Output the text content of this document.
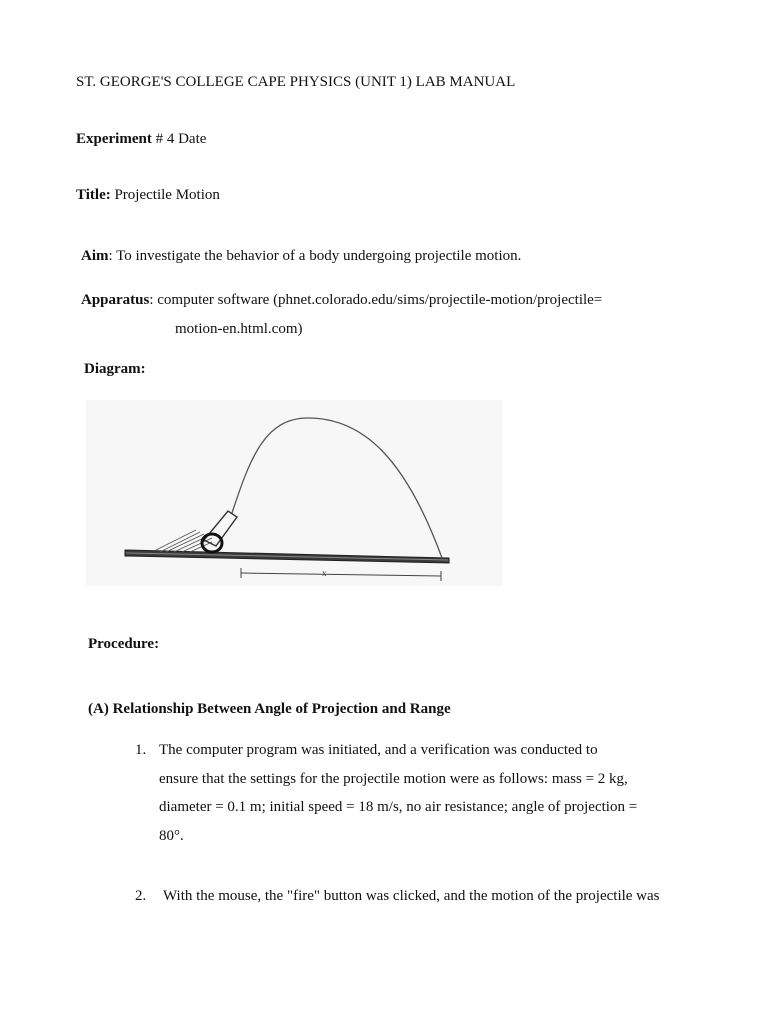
ST. GEORGE'S COLLEGE CAPE PHYSICS (UNIT 1) LAB MANUAL
Experiment # 4 Date
Title: Projectile Motion
Aim: To investigate the behavior of a body undergoing projectile motion.
Apparatus: computer software (phnet.colorado.edu/sims/projectile-motion/projectile=
motion-en.html.com)
Diagram:
x
Procedure:
(A) Relationship Between Angle of Projection and Range
1. The computer program was initiated, and a verification was conducted to
ensure that the settings for the projectile motion were as follows: mass = 2 kg,
diameter = 0.1 m; initial speed = 18 m/s, no air resistance; angle of projection =
80°.
2. With the mouse, the "fire" button was clicked, and the motion of the projectile was
